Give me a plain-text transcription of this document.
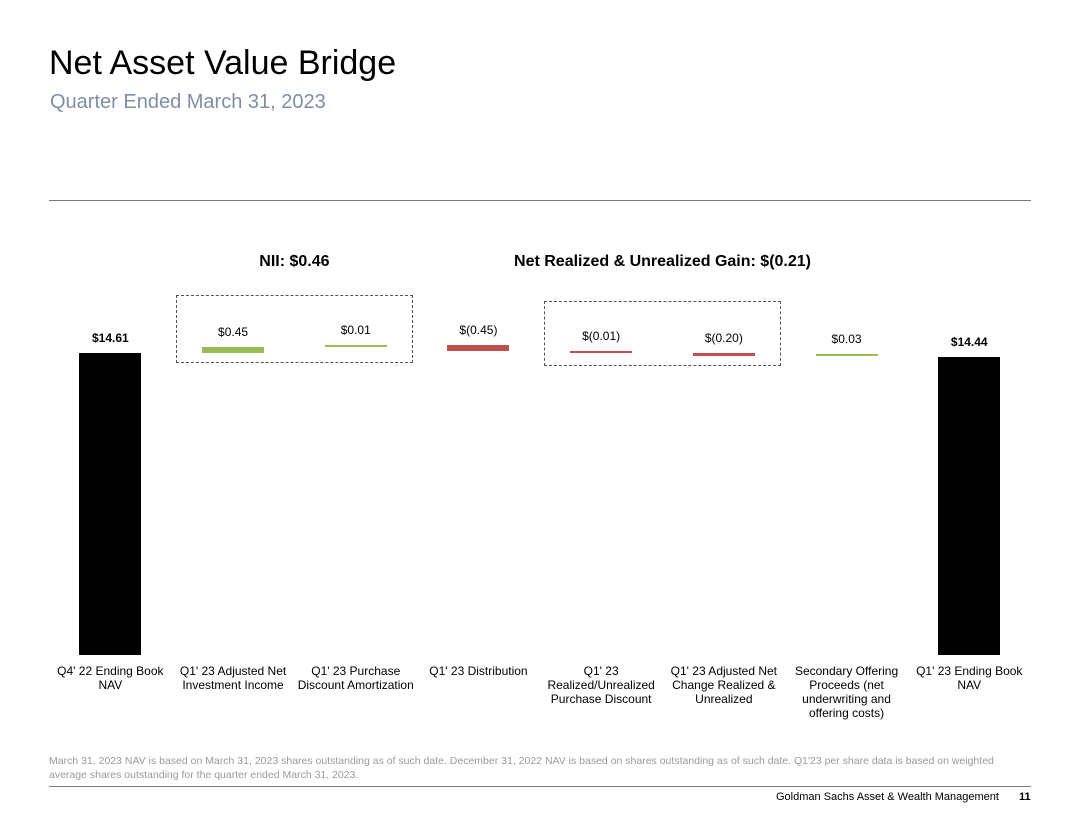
Net Asset Value Bridge
Quarter Ended March 31, 2023
$14.61
Q4' 22 Ending Book NAV
$0.45
Q1' 23 Adjusted Net Investment Income
$0.01
Q1' 23 Purchase Discount Amortization
$(0.45)
Q1' 23 Distribution
$(0.01)
Q1' 23 Realized/Unrealized Purchase Discount
$(0.20)
Q1' 23 Adjusted Net Change Realized & Unrealized
$0.03
Secondary Offering Proceeds (net underwriting and offering costs)
$14.44
Q1' 23 Ending Book NAV
NII: $0.46	Net Realized & Unrealized Gain: $(0.21)
March 31, 2023 NAV is based on March 31, 2023 shares outstanding as of such date. December 31, 2022 NAV is based on shares outstanding as of such date. Q1'23 per share data is based on weighted average shares outstanding for the quarter ended March 31, 2023.
Goldman Sachs Asset & Wealth Management 11
